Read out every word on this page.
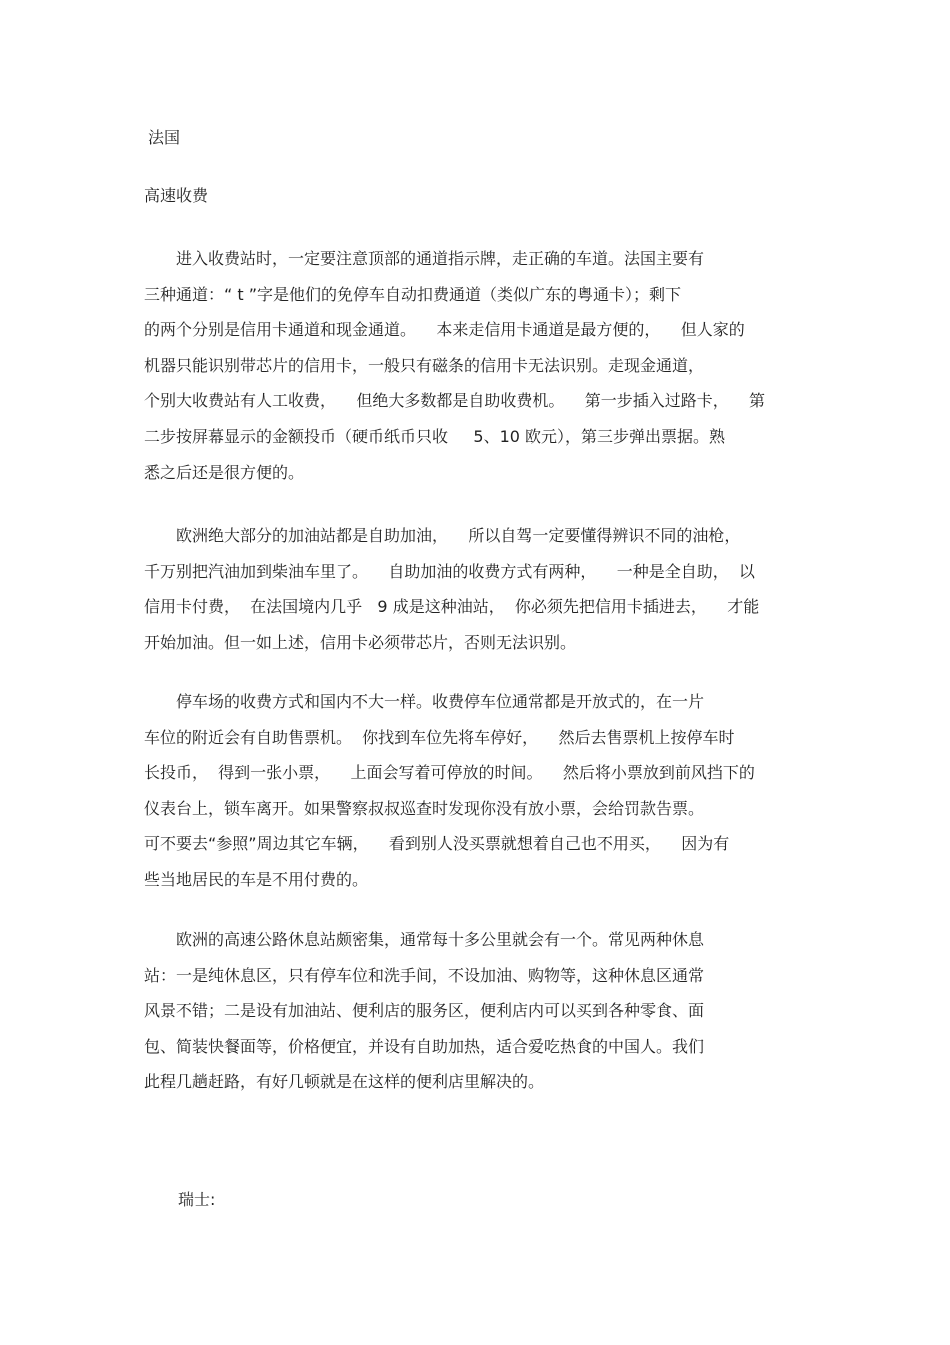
法国
高速收费
　　进入收费站时，一定要注意顶部的通道指示牌，走正确的车道。法国主要有
三种通道：“ t ”字是他们的免停车自动扣费通道（类似广东的粤通卡）；剩下
的两个分别是信用卡通道和现金通道。    本来走信用卡通道是最方便的，    但人家的
机器只能识别带芯片的信用卡，一般只有磁条的信用卡无法识别。走现金通道，
个别大收费站有人工收费，    但绝大多数都是自助收费机。    第一步插入过路卡，    第
二步按屏幕显示的金额投币（硬币纸币只收     5、10 欧元），第三步弹出票据。熟
悉之后还是很方便的。
　　欧洲绝大部分的加油站都是自助加油，    所以自驾一定要懂得辨识不同的油枪，
千万别把汽油加到柴油车里了。    自助加油的收费方式有两种，    一种是全自助，  以
信用卡付费，  在法国境内几乎   9 成是这种油站，  你必须先把信用卡插进去，    才能
开始加油。但一如上述，信用卡必须带芯片，否则无法识别。
　　停车场的收费方式和国内不大一样。收费停车位通常都是开放式的，在一片
车位的附近会有自助售票机。  你找到车位先将车停好，    然后去售票机上按停车时
长投币，  得到一张小票，    上面会写着可停放的时间。    然后将小票放到前风挡下的
仪表台上，锁车离开。如果警察叔叔巡查时发现你没有放小票，会给罚款告票。
可不要去“参照”周边其它车辆，    看到别人没买票就想着自己也不用买，    因为有
些当地居民的车是不用付费的。
　　欧洲的高速公路休息站颇密集，通常每十多公里就会有一个。常见两种休息
站：一是纯休息区，只有停车位和洗手间，不设加油、购物等，这种休息区通常
风景不错；二是设有加油站、便利店的服务区，便利店内可以买到各种零食、面
包、简装快餐面等，价格便宜，并设有自助加热，适合爱吃热食的中国人。我们
此程几趟赶路，有好几顿就是在这样的便利店里解决的。
瑞士:
